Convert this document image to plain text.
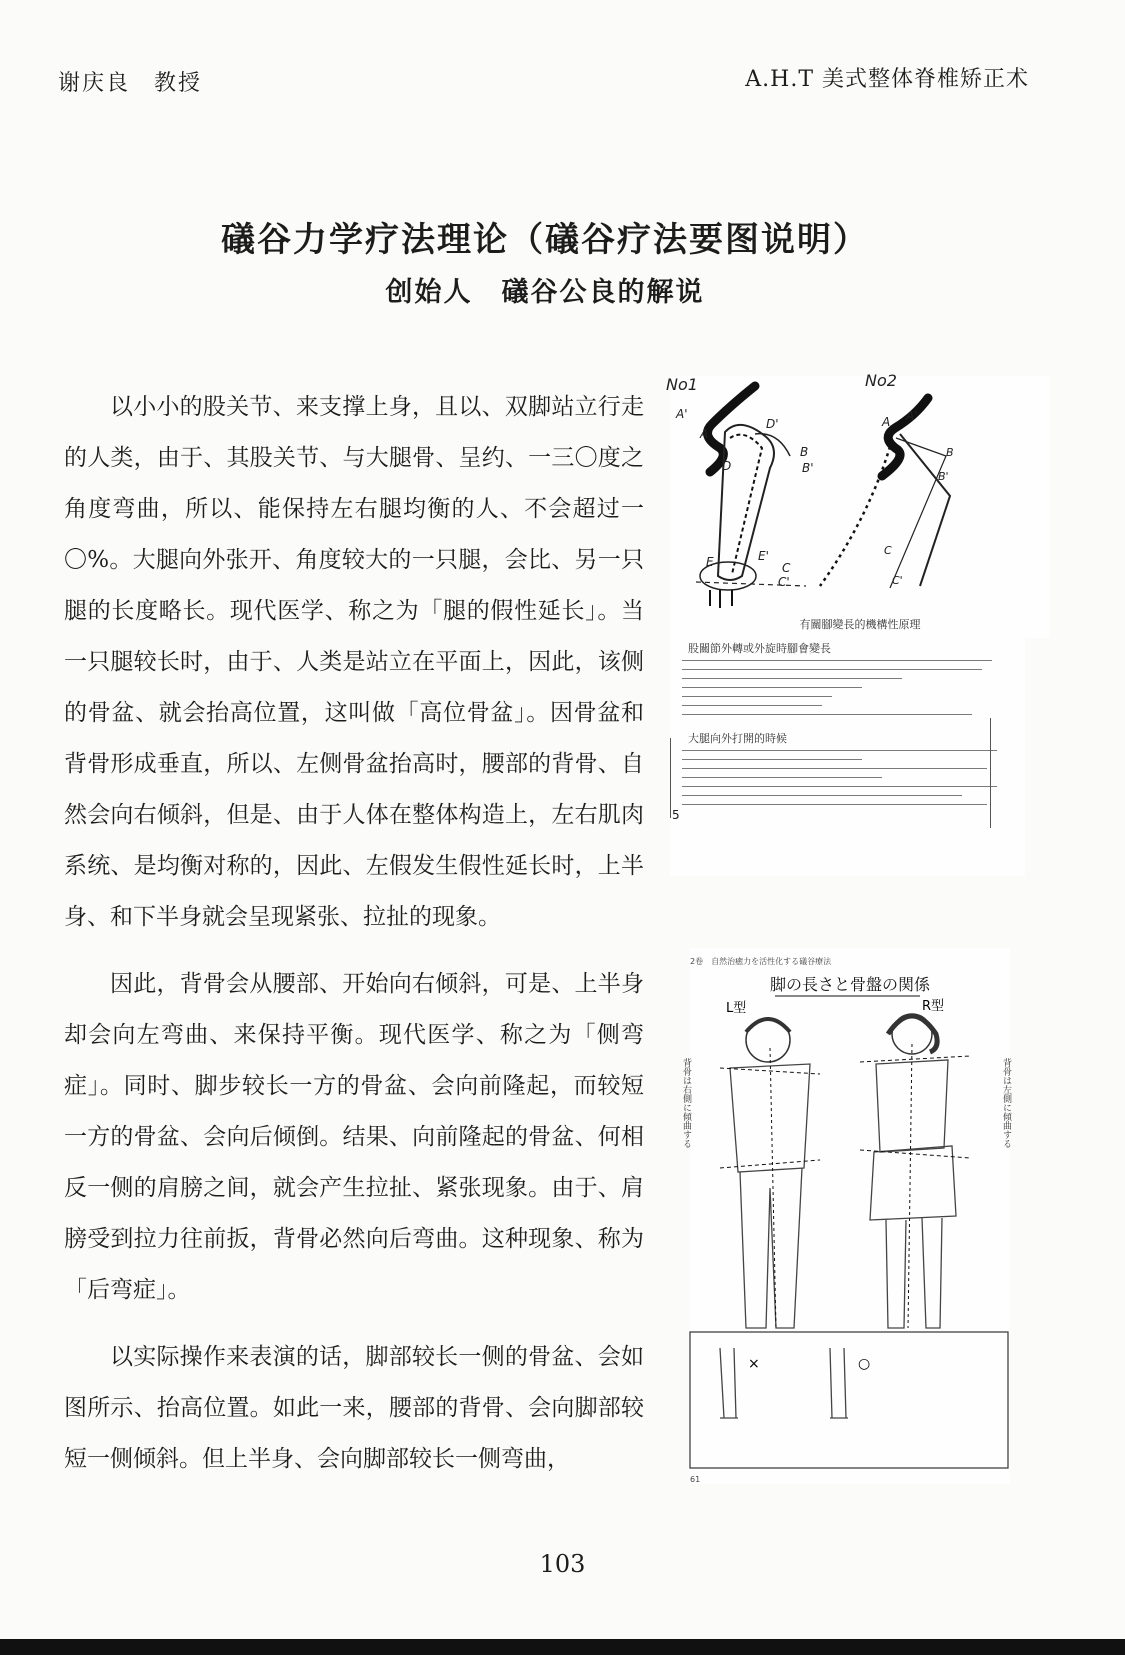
谢庆良　教授	A.H.T 美式整体脊椎矫正术
礒谷力学疗法理论（礒谷疗法要图说明）
创始人　礒谷公良的解说

以小小的股关节、来支撑上身，且以、双脚站立行走的人类，由于、其股关节、与大腿骨、呈约、一三〇度之角度弯曲，所以、能保持左右腿均衡的人、不会超过一〇%。大腿向外张开、角度较大的一只腿，会比、另一只腿的长度略长。现代医学、称之为「腿的假性延长」。当一只腿较长时，由于、人类是站立在平面上，因此，该侧的骨盆、就会抬高位置，这叫做「高位骨盆」。因骨盆和背骨形成垂直，所以、左侧骨盆抬高时，腰部的背骨、自然会向右倾斜，但是、由于人体在整体构造上，左右肌肉系统、是均衡对称的，因此、左假发生假性延长时，上半身、和下半身就会呈现紧张、拉扯的现象。

因此，背骨会从腰部、开始向右倾斜，可是、上半身却会向左弯曲、来保持平衡。现代医学、称之为「侧弯症」。同时、脚步较长一方的骨盆、会向前隆起，而较短一方的骨盆、会向后倾倒。结果、向前隆起的骨盆、何相反一侧的肩膀之间，就会产生拉扯、紧张现象。由于、肩膀受到拉力往前扳，背骨必然向后弯曲。这种现象、称为「后弯症」。

以实际操作来表演的话，脚部较长一侧的骨盆、会如图所示、抬高位置。如此一来，腰部的背骨、会向脚部较短一侧倾斜。但上半身、会向脚部较长一侧弯曲，

No1	No2
A'
A
B
B'
D
D'
E	E'
C
C'
A A'
B
B'
C
C'
有關腳變長的機構性原理
股關節外轉或外旋時腳會變長
大腿向外打開的時候
5
2卷　自然治癒力を活性化する礒谷療法
脚の長さと骨盤の関係
L型	R型
背骨は右側に傾曲する	背骨は左側に傾曲する
×	○
61
103
